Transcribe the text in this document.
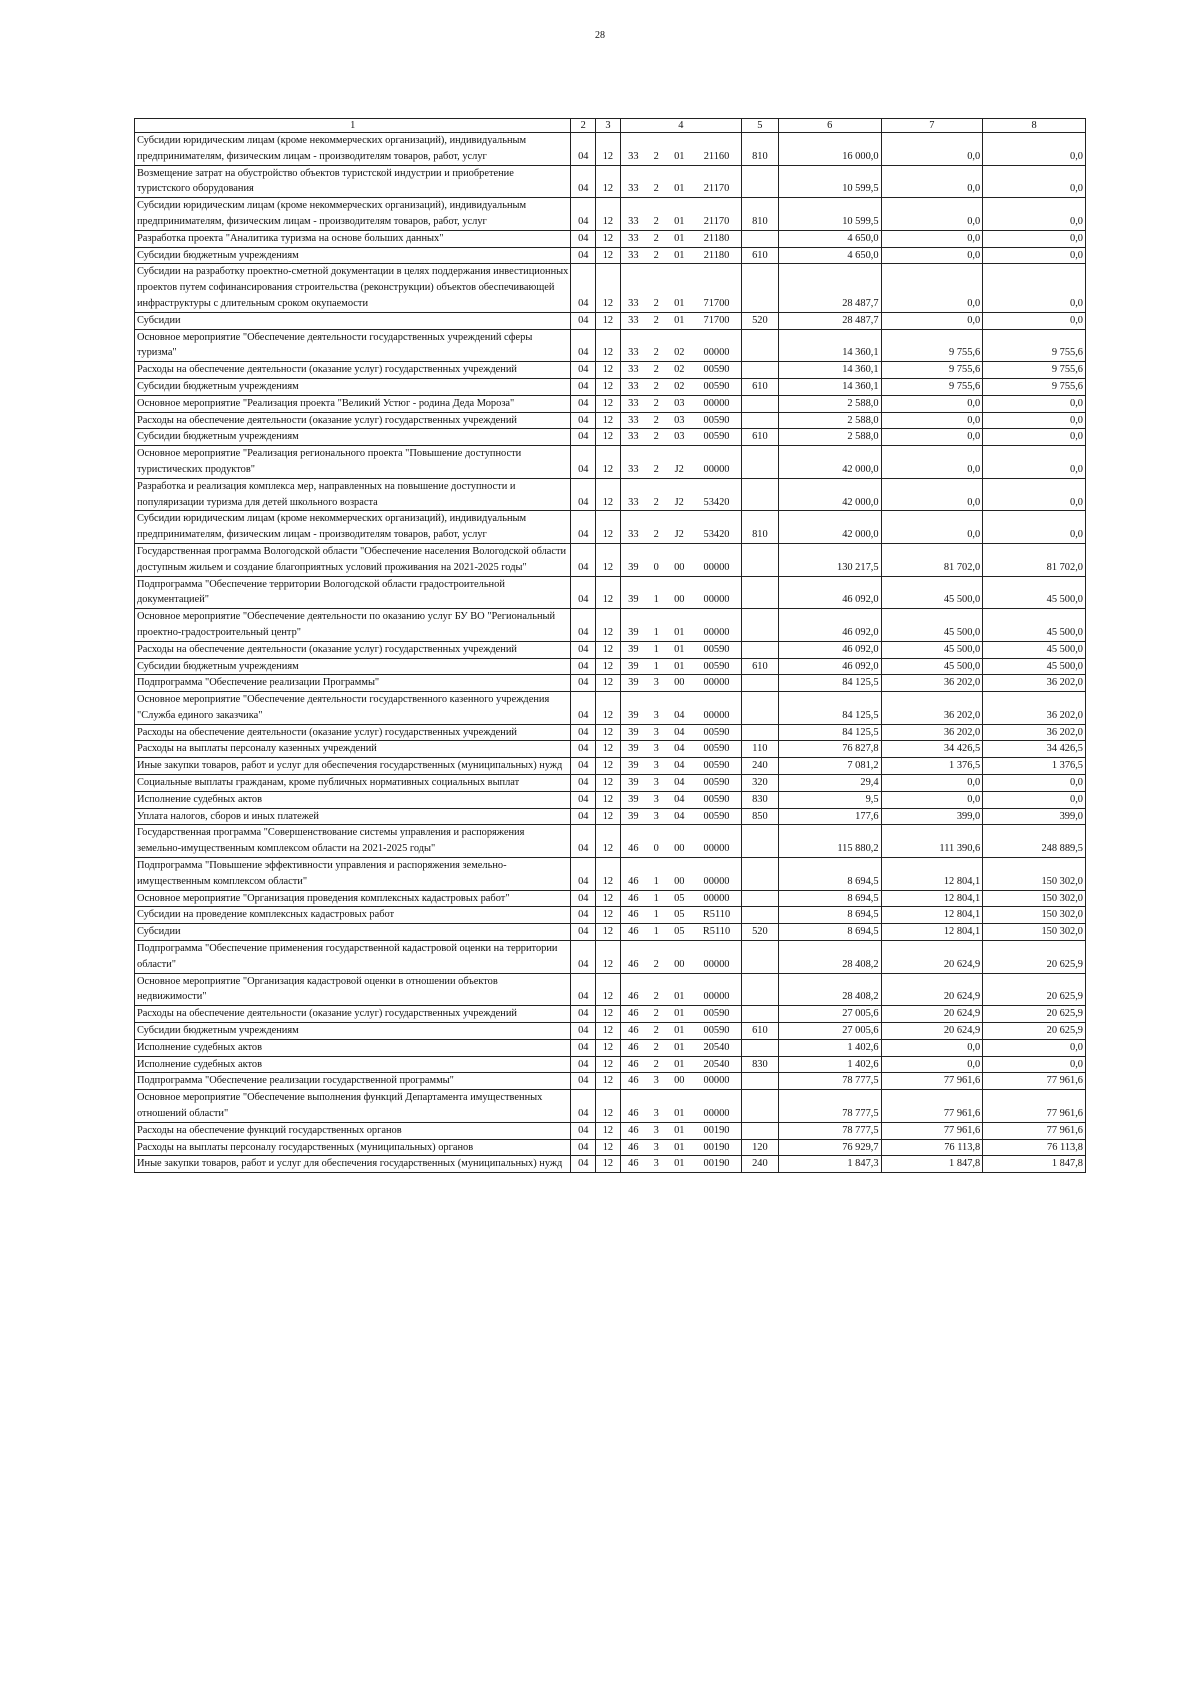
28
1	2	3	4				5	6	7	8
Субсидии юридическим лицам (кроме некоммерческих организаций), индивидуальным предпринимателям, физическим лицам - производителям товаров, работ, услуг	04	12	33	2	01	21160	810	16 000,0	0,0	0,0
Возмещение затрат на обустройство объектов туристской индустрии и приобретение туристского оборудования	04	12	33	2	01	21170		10 599,5	0,0	0,0
Субсидии юридическим лицам (кроме некоммерческих организаций), индивидуальным предпринимателям, физическим лицам - производителям товаров, работ, услуг	04	12	33	2	01	21170	810	10 599,5	0,0	0,0
Разработка проекта "Аналитика туризма на основе больших данных"	04	12	33	2	01	21180		4 650,0	0,0	0,0
Субсидии бюджетным учреждениям	04	12	33	2	01	21180	610	4 650,0	0,0	0,0
Субсидии на разработку проектно-сметной документации в целях поддержания инвестиционных проектов путем софинансирования строительства (реконструкции) объектов обеспечивающей инфраструктуры с длительным сроком окупаемости	04	12	33	2	01	71700		28 487,7	0,0	0,0
Субсидии	04	12	33	2	01	71700	520	28 487,7	0,0	0,0
Основное мероприятие "Обеспечение деятельности государственных учреждений сферы туризма"	04	12	33	2	02	00000		14 360,1	9 755,6	9 755,6
Расходы на обеспечение деятельности (оказание услуг) государственных учреждений	04	12	33	2	02	00590		14 360,1	9 755,6	9 755,6
Субсидии бюджетным учреждениям	04	12	33	2	02	00590	610	14 360,1	9 755,6	9 755,6
Основное мероприятие "Реализация проекта "Великий Устюг - родина Деда Мороза"	04	12	33	2	03	00000		2 588,0	0,0	0,0
Расходы на обеспечение деятельности (оказание услуг) государственных учреждений	04	12	33	2	03	00590		2 588,0	0,0	0,0
Субсидии бюджетным учреждениям	04	12	33	2	03	00590	610	2 588,0	0,0	0,0
Основное мероприятие "Реализация регионального проекта "Повышение доступности туристических продуктов"	04	12	33	2	J2	00000		42 000,0	0,0	0,0
Разработка и реализация комплекса мер, направленных на повышение доступности и популяризации туризма для детей школьного возраста	04	12	33	2	J2	53420		42 000,0	0,0	0,0
Субсидии юридическим лицам (кроме некоммерческих организаций), индивидуальным предпринимателям, физическим лицам - производителям товаров, работ, услуг	04	12	33	2	J2	53420	810	42 000,0	0,0	0,0
Государственная программа Вологодской области "Обеспечение населения Вологодской области доступным жильем и создание благоприятных условий проживания на 2021-2025 годы"	04	12	39	0	00	00000		130 217,5	81 702,0	81 702,0
Подпрограмма "Обеспечение территории Вологодской области градостроительной документацией"	04	12	39	1	00	00000		46 092,0	45 500,0	45 500,0
Основное мероприятие "Обеспечение деятельности по оказанию услуг БУ ВО "Региональный проектно-градостроительный центр"	04	12	39	1	01	00000		46 092,0	45 500,0	45 500,0
Расходы на обеспечение деятельности (оказание услуг) государственных учреждений	04	12	39	1	01	00590		46 092,0	45 500,0	45 500,0
Субсидии бюджетным учреждениям	04	12	39	1	01	00590	610	46 092,0	45 500,0	45 500,0
Подпрограмма "Обеспечение реализации Программы"	04	12	39	3	00	00000		84 125,5	36 202,0	36 202,0
Основное мероприятие "Обеспечение деятельности государственного казенного учреждения "Служба единого заказчика"	04	12	39	3	04	00000		84 125,5	36 202,0	36 202,0
Расходы на обеспечение деятельности (оказание услуг) государственных учреждений	04	12	39	3	04	00590		84 125,5	36 202,0	36 202,0
Расходы на выплаты персоналу казенных учреждений	04	12	39	3	04	00590	110	76 827,8	34 426,5	34 426,5
Иные закупки товаров, работ и услуг для обеспечения государственных (муниципальных) нужд	04	12	39	3	04	00590	240	7 081,2	1 376,5	1 376,5
Социальные выплаты гражданам, кроме публичных нормативных социальных выплат	04	12	39	3	04	00590	320	29,4	0,0	0,0
Исполнение судебных актов	04	12	39	3	04	00590	830	9,5	0,0	0,0
Уплата налогов, сборов и иных платежей	04	12	39	3	04	00590	850	177,6	399,0	399,0
Государственная программа "Совершенствование системы управления и распоряжения земельно-имущественным комплексом области на 2021-2025 годы"	04	12	46	0	00	00000		115 880,2	111 390,6	248 889,5
Подпрограмма "Повышение эффективности управления и распоряжения земельно-имущественным комплексом области"	04	12	46	1	00	00000		8 694,5	12 804,1	150 302,0
Основное мероприятие "Организация проведения комплексных кадастровых работ"	04	12	46	1	05	00000		8 694,5	12 804,1	150 302,0
Субсидии на проведение комплексных кадастровых работ	04	12	46	1	05	R5110		8 694,5	12 804,1	150 302,0
Субсидии	04	12	46	1	05	R5110	520	8 694,5	12 804,1	150 302,0
Подпрограмма "Обеспечение применения государственной кадастровой оценки на территории области"	04	12	46	2	00	00000		28 408,2	20 624,9	20 625,9
Основное мероприятие "Организация кадастровой оценки в отношении объектов недвижимости"	04	12	46	2	01	00000		28 408,2	20 624,9	20 625,9
Расходы на обеспечение деятельности (оказание услуг) государственных учреждений	04	12	46	2	01	00590		27 005,6	20 624,9	20 625,9
Субсидии бюджетным учреждениям	04	12	46	2	01	00590	610	27 005,6	20 624,9	20 625,9
Исполнение судебных актов	04	12	46	2	01	20540		1 402,6	0,0	0,0
Исполнение судебных актов	04	12	46	2	01	20540	830	1 402,6	0,0	0,0
Подпрограмма "Обеспечение реализации государственной программы"	04	12	46	3	00	00000		78 777,5	77 961,6	77 961,6
Основное мероприятие "Обеспечение выполнения функций Департамента имущественных отношений области"	04	12	46	3	01	00000		78 777,5	77 961,6	77 961,6
Расходы на обеспечение функций государственных органов	04	12	46	3	01	00190		78 777,5	77 961,6	77 961,6
Расходы на выплаты персоналу государственных (муниципальных) органов	04	12	46	3	01	00190	120	76 929,7	76 113,8	76 113,8
Иные закупки товаров, работ и услуг для обеспечения государственных (муниципальных) нужд	04	12	46	3	01	00190	240	1 847,3	1 847,8	1 847,8
